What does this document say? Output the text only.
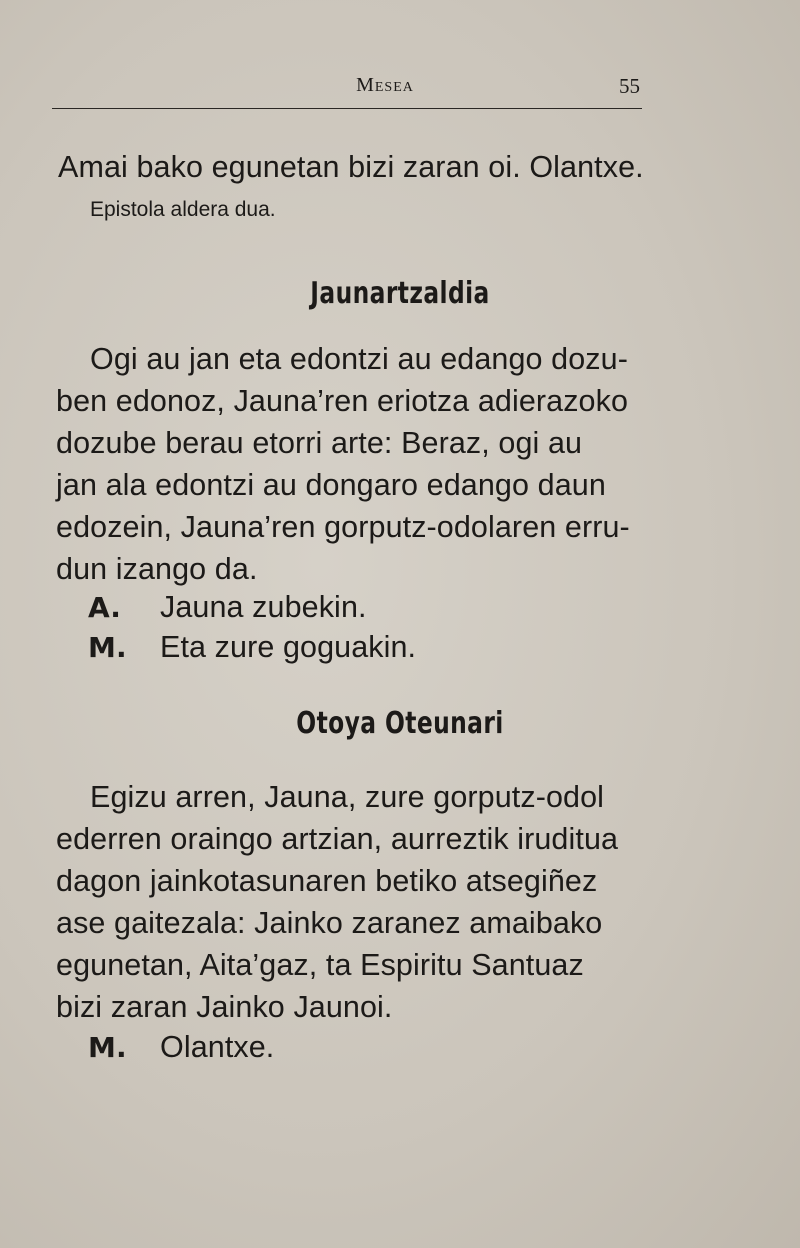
Mesea	55
Amai bako egunetan bizi zaran oi. Olantxe.
Epistola aldera dua.
Jaunartzaldia
Ogi au jan eta edontzi au edango dozu-
ben edonoz, Jauna’ren eriotza adierazoko
dozube berau etorri arte: Beraz, ogi au
jan ala edontzi au dongaro edango daun
edozein, Jauna’ren gorputz-odolaren erru-
dun izango da.
A. Jauna zubekin.
M. Eta zure goguakin.
Otoya Oteunari
Egizu arren, Jauna, zure gorputz-odol
ederren oraingo artzian, aurreztik iruditua
dagon jainkotasunaren betiko atsegiñez
ase gaitezala: Jainko zaranez amaibako
egunetan, Aita’gaz, ta Espiritu Santuaz
bizi zaran Jainko Jaunoi.
M. Olantxe.
